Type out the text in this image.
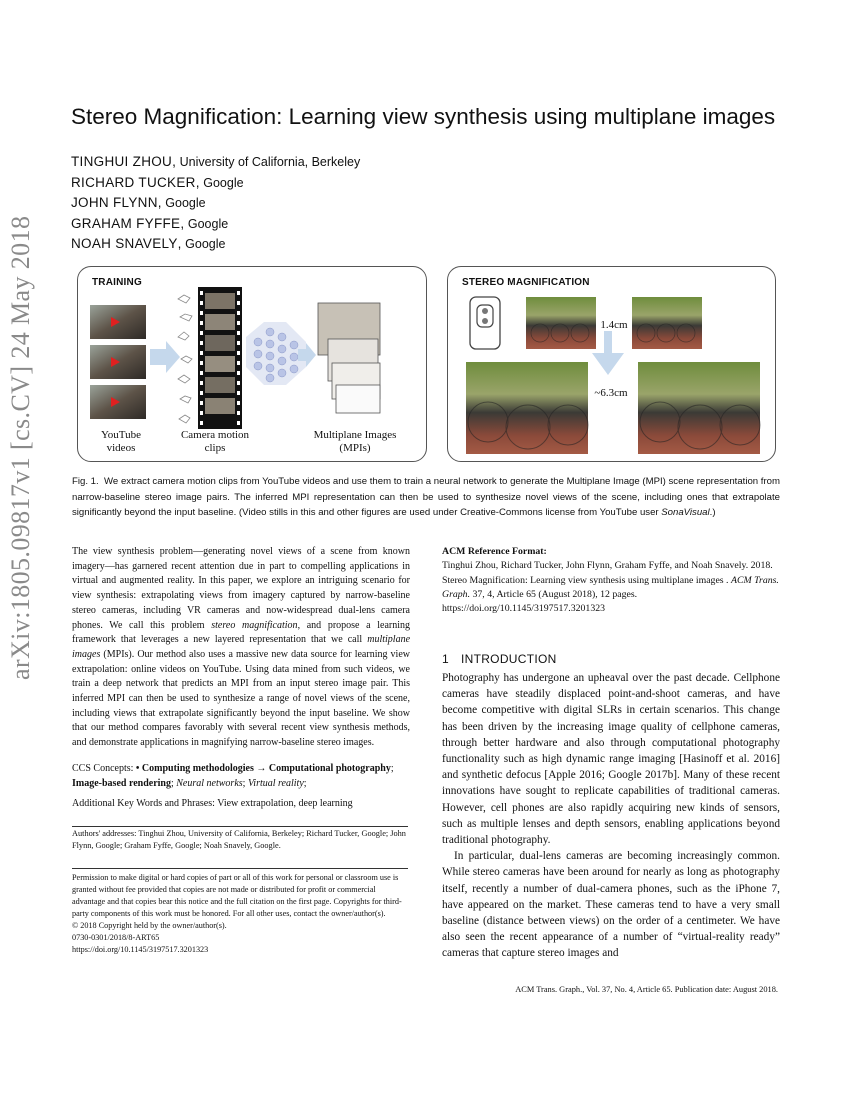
arXiv:1805.09817v1 [cs.CV] 24 May 2018
Stereo Magnification: Learning view synthesis using multiplane images
TINGHUI ZHOU, University of California, Berkeley
RICHARD TUCKER, Google
JOHN FLYNN, Google
GRAHAM FYFFE, Google
NOAH SNAVELY, Google
TRAINING
YouTube videos
Camera motion clips
Multiplane Images (MPIs)
STEREO MAGNIFICATION
1.4cm
~6.3cm
Fig. 1. We extract camera motion clips from YouTube videos and use them to train a neural network to generate the Multiplane Image (MPI) scene representation from narrow-baseline stereo image pairs. The inferred MPI representation can then be used to synthesize novel views of the scene, including ones that extrapolate significantly beyond the input baseline. (Video stills in this and other figures are used under Creative-Commons license from YouTube user SonaVisual.)
The view synthesis problem—generating novel views of a scene from known imagery—has garnered recent attention due in part to compelling applications in virtual and augmented reality. In this paper, we explore an intriguing scenario for view synthesis: extrapolating views from imagery captured by narrow-baseline stereo cameras, including VR cameras and now-widespread dual-lens camera phones. We call this problem stereo magnification, and propose a learning framework that leverages a new layered representation that we call multiplane images (MPIs). Our method also uses a massive new data source for learning view extrapolation: online videos on YouTube. Using data mined from such videos, we train a deep network that predicts an MPI from an input stereo image pair. This inferred MPI can then be used to synthesize a range of novel views of the scene, including views that extrapolate significantly beyond the input baseline. We show that our method compares favorably with several recent view synthesis methods, and demonstrate applications in magnifying narrow-baseline stereo images.
CCS Concepts: • Computing methodologies → Computational photography; Image-based rendering; Neural networks; Virtual reality;
Additional Key Words and Phrases: View extrapolation, deep learning
Authors' addresses: Tinghui Zhou, University of California, Berkeley; Richard Tucker, Google; John Flynn, Google; Graham Fyffe, Google; Noah Snavely, Google.
Permission to make digital or hard copies of part or all of this work for personal or classroom use is granted without fee provided that copies are not made or distributed for profit or commercial advantage and that copies bear this notice and the full citation on the first page. Copyrights for third-party components of this work must be honored. For all other uses, contact the owner/author(s).
© 2018 Copyright held by the owner/author(s).
0730-0301/2018/8-ART65
https://doi.org/10.1145/3197517.3201323
ACM Reference Format:
Tinghui Zhou, Richard Tucker, John Flynn, Graham Fyffe, and Noah Snavely. 2018. Stereo Magnification: Learning view synthesis using multiplane images . ACM Trans. Graph. 37, 4, Article 65 (August 2018), 12 pages. https://doi.org/10.1145/3197517.3201323
1 INTRODUCTION

Photography has undergone an upheaval over the past decade. Cellphone cameras have steadily displaced point-and-shoot cameras, and have become competitive with digital SLRs in certain scenarios. This change has been driven by the increasing image quality of cellphone cameras, through better hardware and also through computational photography functionality such as high dynamic range imaging [Hasinoff et al. 2016] and synthetic defocus [Apple 2016; Google 2017b]. Many of these recent innovations have sought to replicate capabilities of traditional cameras. However, cell phones are also rapidly acquiring new kinds of sensors, such as multiple lenses and depth sensors, enabling applications beyond traditional photography.

In particular, dual-lens cameras are becoming increasingly common. While stereo cameras have been around for nearly as long as photography itself, recently a number of dual-camera phones, such as the iPhone 7, have appeared on the market. These cameras tend to have a very small baseline (distance between views) on the order of a centimeter. We have also seen the recent appearance of a number of “virtual-reality ready” cameras that capture stereo images and

ACM Trans. Graph., Vol. 37, No. 4, Article 65. Publication date: August 2018.
